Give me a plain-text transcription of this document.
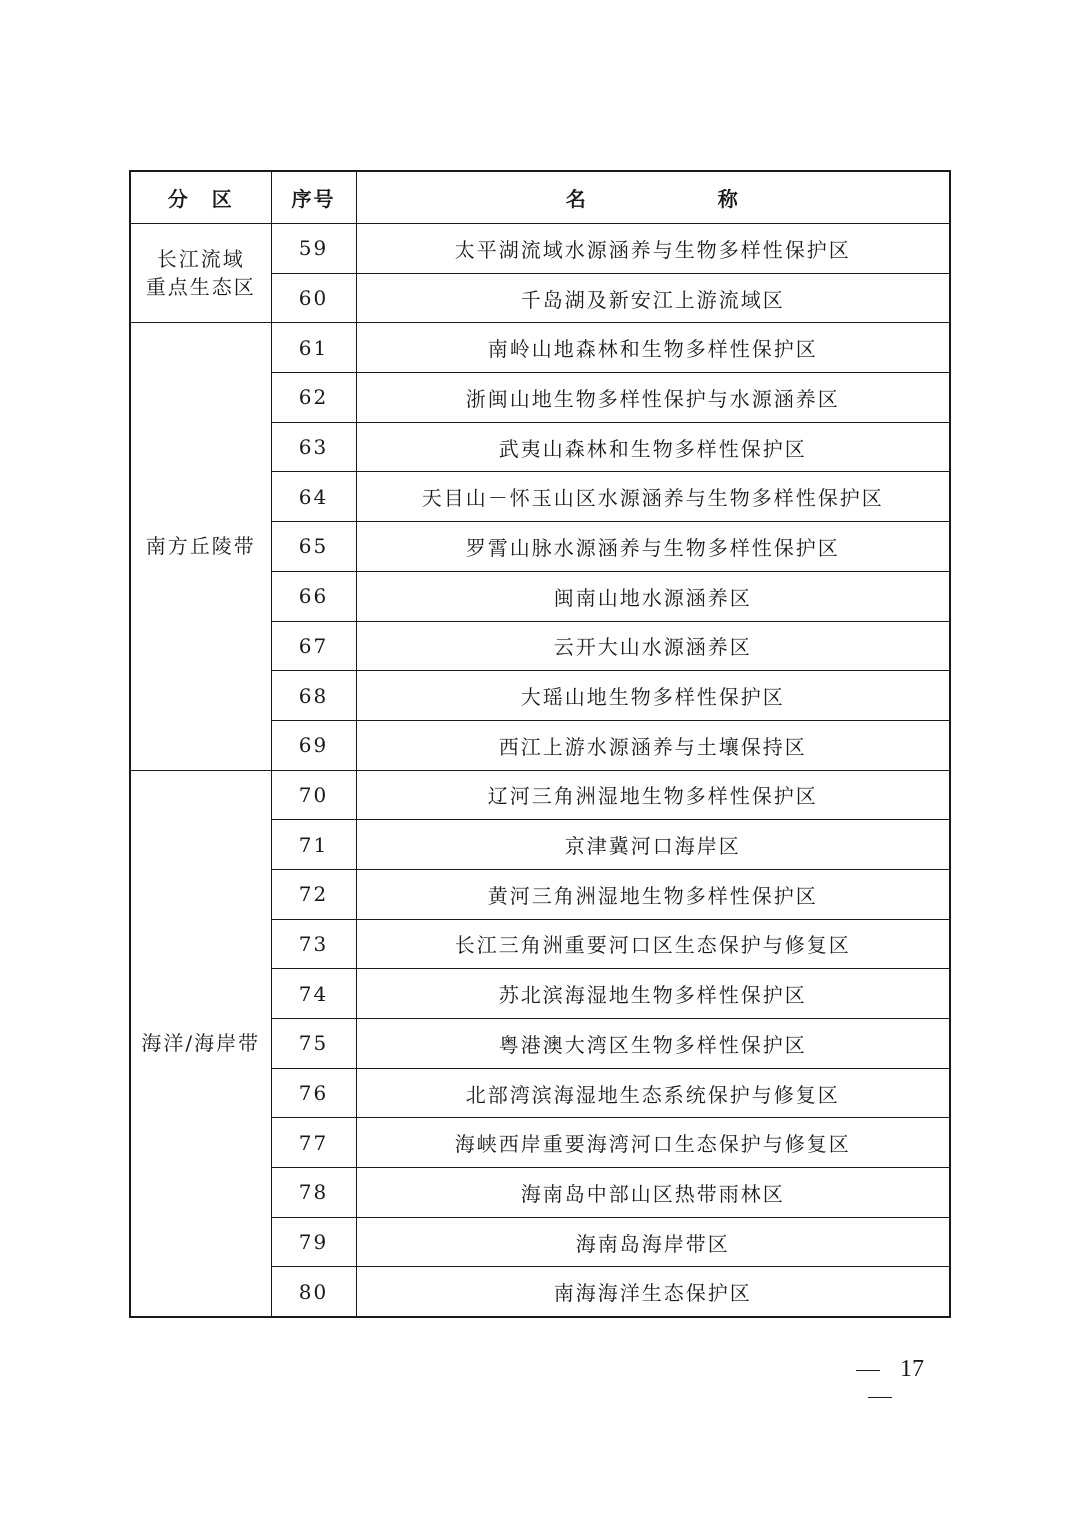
分 区	序号	名 称

长江流域
重点生态区	59	太平湖流域水源涵养与生物多样性保护区
	60	千岛湖及新安江上游流域区

南方丘陵带	61	南岭山地森林和生物多样性保护区
	62	浙闽山地生物多样性保护与水源涵养区
	63	武夷山森林和生物多样性保护区
	64	天目山－怀玉山区水源涵养与生物多样性保护区
	65	罗霄山脉水源涵养与生物多样性保护区
	66	闽南山地水源涵养区
	67	云开大山水源涵养区
	68	大瑶山地生物多样性保护区
	69	西江上游水源涵养与土壤保持区

海洋/海岸带	70	辽河三角洲湿地生物多样性保护区
	71	京津冀河口海岸区
	72	黄河三角洲湿地生物多样性保护区
	73	长江三角洲重要河口区生态保护与修复区
	74	苏北滨海湿地生物多样性保护区
	75	粤港澳大湾区生物多样性保护区
	76	北部湾滨海湿地生态系统保护与修复区
	77	海峡西岸重要海湾河口生态保护与修复区
	78	海南岛中部山区热带雨林区
	79	海南岛海岸带区
	80	南海海洋生态保护区
17
